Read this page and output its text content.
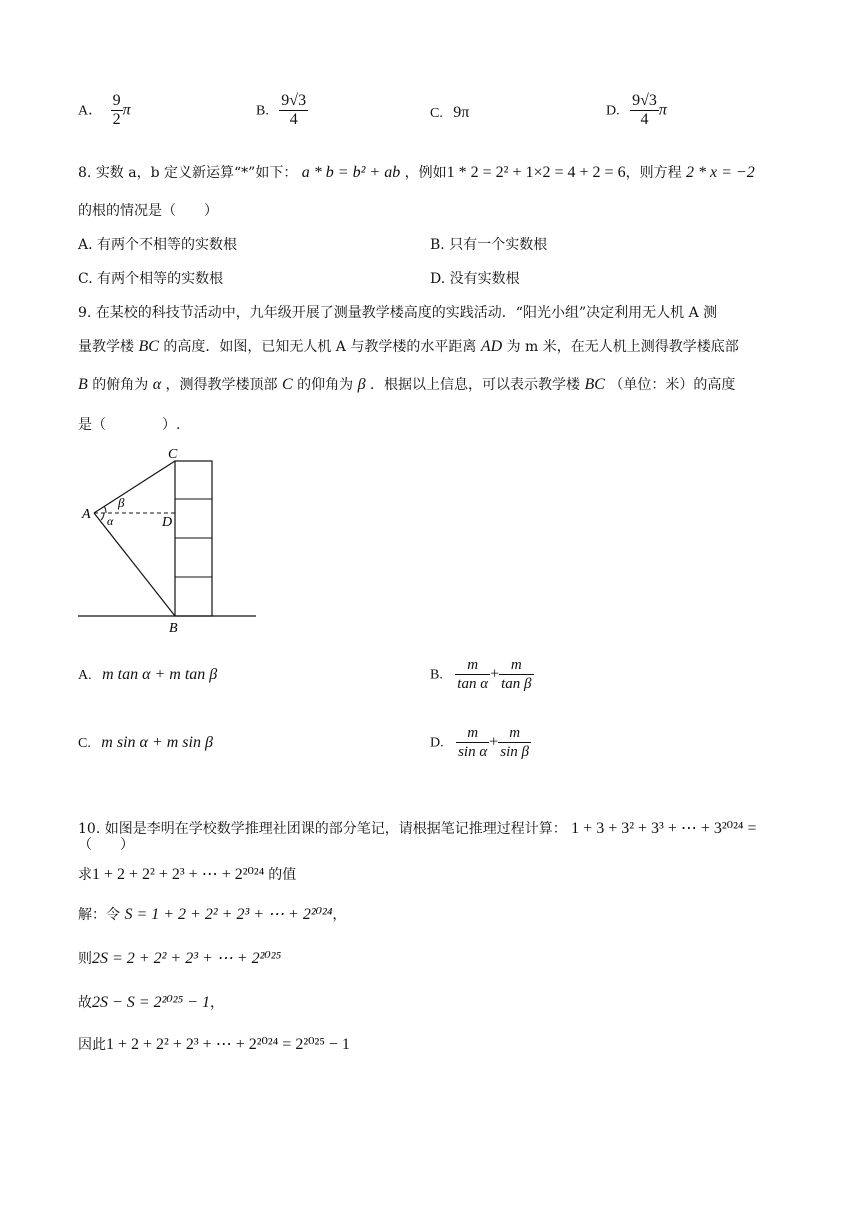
A． $\frac{9}{2}$ π	B. $\frac{9√3}{4}$	C. 9π	D. $\frac{9√3}{4}$ π
8. 实数 a，b 定义新运算“*”如下： a * b = b² + ab ，例如1 * 2 = 2² + 1×2 = 4 + 2 = 6，则方程 2 * x = −2
的根的情况是（　　）
A. 有两个不相等的实数根	B. 只有一个实数根
C. 有两个相等的实数根	D. 没有实数根
9. 在某校的科技节活动中，九年级开展了测量教学楼高度的实践活动．“阳光小组”决定利用无人机 A 测
量教学楼 BC 的高度．如图，已知无人机 A 与教学楼的水平距离 AD 为 m 米，在无人机上测得教学楼底部
B 的俯角为 α ，测得教学楼顶部 C 的仰角为 β ．根据以上信息，可以表示教学楼 BC （单位：米）的高度
是（　　　　）.
C
A
D
B
β
α
A. m tan α + m tan β	B. $\frac{m}{\text{tan α}} + \frac{m}{\text{tan β}}$
C. m sin α + m sin β	D. $\frac{m}{\text{sin α}} + \frac{m}{\text{sin β}}$
10. 如图是李明在学校数学推理社团课的部分笔记，请根据笔记推理过程计算： 1 + 3 + 3² + 3³ + ⋯ + 3²⁰²⁴ =
（　　）
求1 + 2 + 2² + 2³ + ⋯ + 2²⁰²⁴ 的值
解：令 S = 1 + 2 + 2² + 2³ + ⋯ + 2²⁰²⁴，
则2S = 2 + 2² + 2³ + ⋯ + 2²⁰²⁵
故2S − S = 2²⁰²⁵ − 1，
因此1 + 2 + 2² + 2³ + ⋯ + 2²⁰²⁴ = 2²⁰²⁵ − 1
